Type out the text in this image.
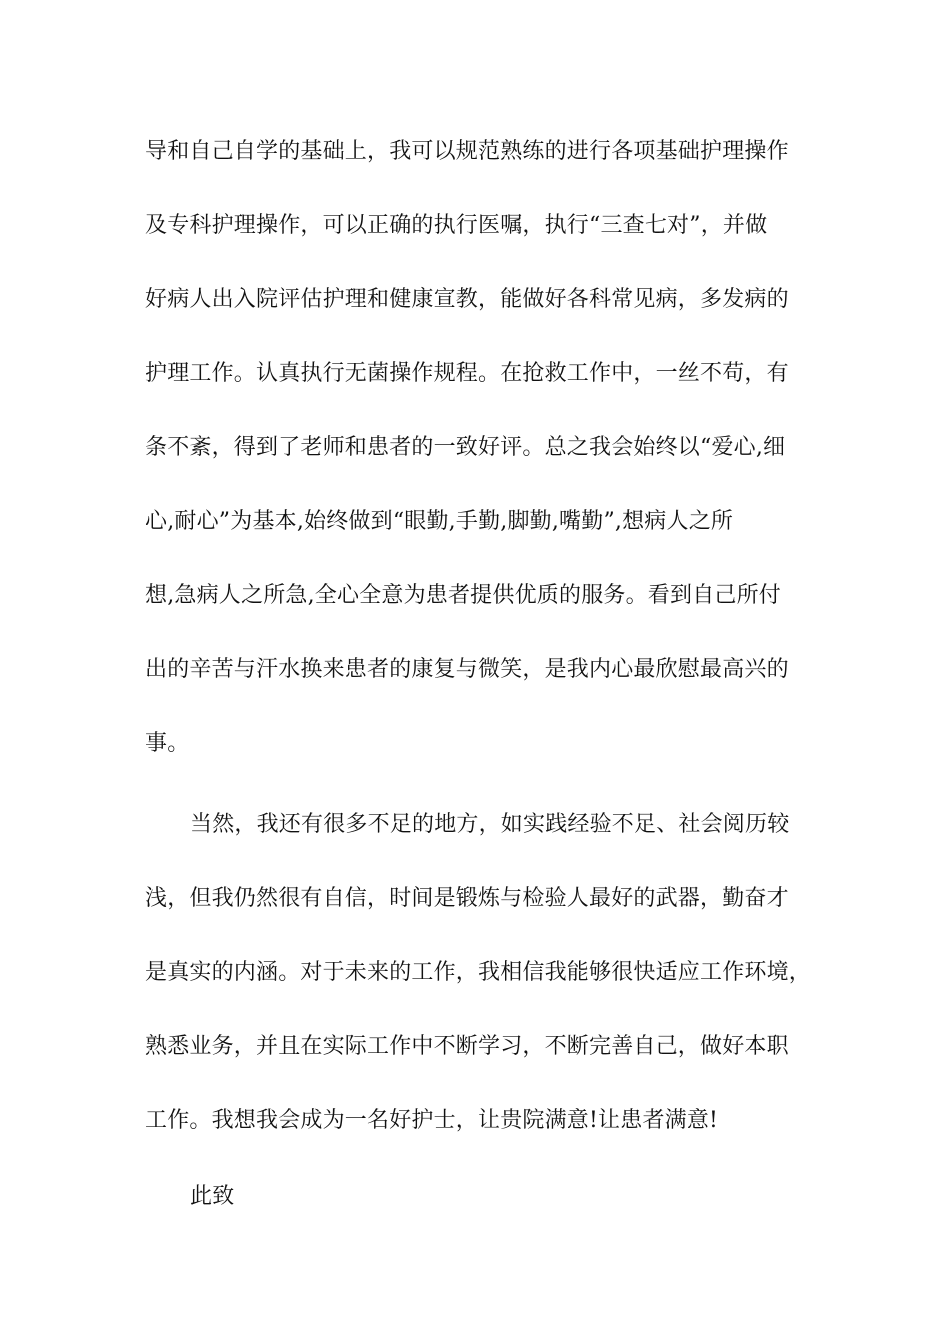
导和自己自学的基础上，我可以规范熟练的进行各项基础护理操作
及专科护理操作，可以正确的执行医嘱，执行“三查七对”，并做
好病人出入院评估护理和健康宣教，能做好各科常见病，多发病的
护理工作。认真执行无菌操作规程。在抢救工作中，一丝不苟，有
条不紊，得到了老师和患者的一致好评。总之我会始终以“爱心,细
心,耐心”为基本,始终做到“眼勤,手勤,脚勤,嘴勤”,想病人之所
想,急病人之所急,全心全意为患者提供优质的服务。看到自己所付
出的辛苦与汗水换来患者的康复与微笑，是我内心最欣慰最高兴的
事。
当然，我还有很多不足的地方，如实践经验不足、社会阅历较
浅，但我仍然很有自信，时间是锻炼与检验人最好的武器，勤奋才
是真实的内涵。对于未来的工作，我相信我能够很快适应工作环境，
熟悉业务，并且在实际工作中不断学习，不断完善自己，做好本职
工作。我想我会成为一名好护士，让贵院满意!让患者满意!
此致
